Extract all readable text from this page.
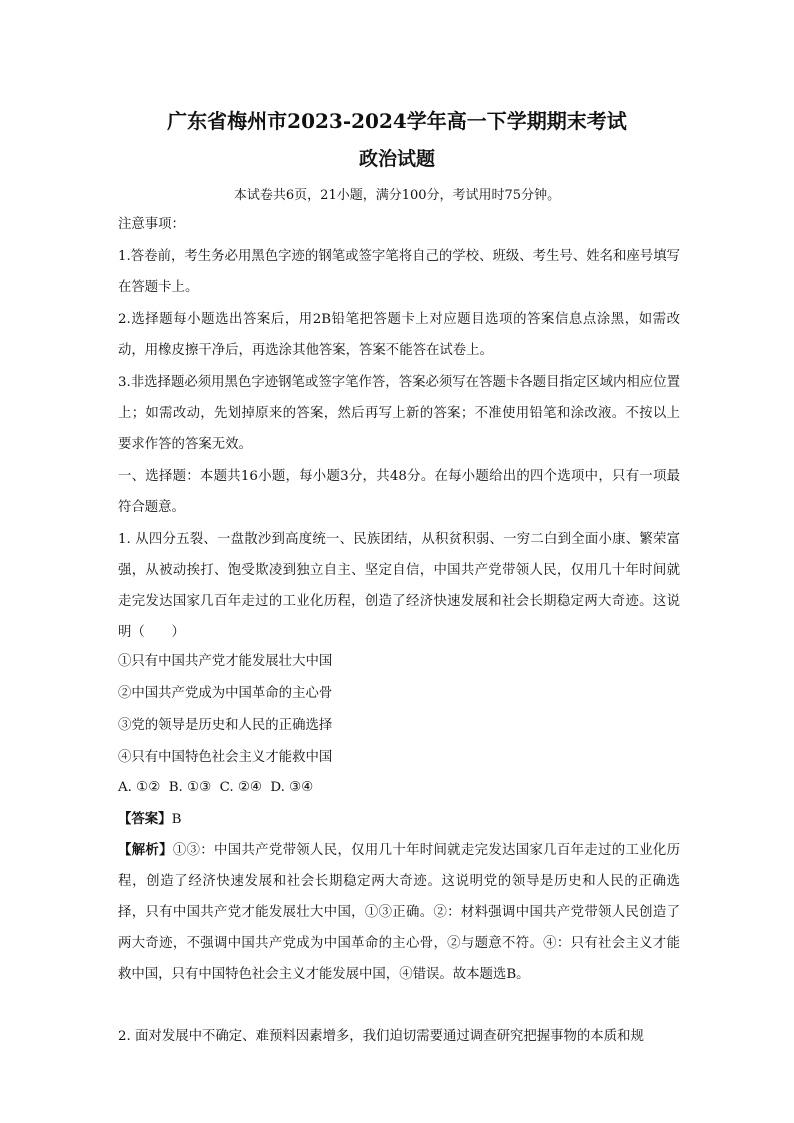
广东省梅州市2023-2024学年高一下学期期末考试
政治试题

本试卷共6页，21小题，满分100分，考试用时75分钟。

注意事项：

1.答卷前，考生务必用黑色字迹的钢笔或签字笔将自己的学校、班级、考生号、姓名和座号填写在答题卡上。

2.选择题每小题选出答案后，用2B铅笔把答题卡上对应题目选项的答案信息点涂黑，如需改动，用橡皮擦干净后，再选涂其他答案，答案不能答在试卷上。

3.非选择题必须用黑色字迹钢笔或签字笔作答，答案必须写在答题卡各题目指定区域内相应位置上；如需改动，先划掉原来的答案，然后再写上新的答案；不准使用铅笔和涂改液。不按以上要求作答的答案无效。

一、选择题：本题共16小题，每小题3分，共48分。在每小题给出的四个选项中，只有一项最符合题意。

1. 从四分五裂、一盘散沙到高度统一、民族团结，从积贫积弱、一穷二白到全面小康、繁荣富强，从被动挨打、饱受欺凌到独立自主、坚定自信，中国共产党带领人民，仅用几十年时间就走完发达国家几百年走过的工业化历程，创造了经济快速发展和社会长期稳定两大奇迹。这说明（　　）

①只有中国共产党才能发展壮大中国

②中国共产党成为中国革命的主心骨

③党的领导是历史和人民的正确选择

④只有中国特色社会主义才能救中国

A. ①②  B. ①③  C. ②④  D. ③④

【答案】B

【解析】①③：中国共产党带领人民，仅用几十年时间就走完发达国家几百年走过的工业化历程，创造了经济快速发展和社会长期稳定两大奇迹。这说明党的领导是历史和人民的正确选择，只有中国共产党才能发展壮大中国，①③正确。②：材料强调中国共产党带领人民创造了两大奇迹，不强调中国共产党成为中国革命的主心骨，②与题意不符。④：只有社会主义才能救中国，只有中国特色社会主义才能发展中国，④错误。故本题选B。

2. 面对发展中不确定、难预料因素增多，我们迫切需要通过调查研究把握事物的本质和规
